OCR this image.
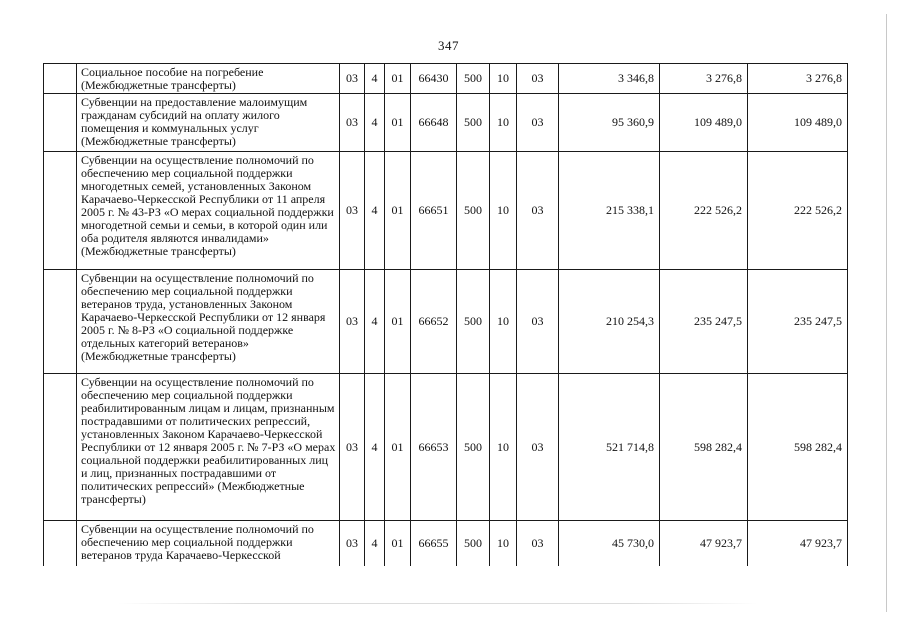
347
	Социальное пособие на погребение (Межбюджетные трансферты)	03	4	01	66430	500	10	03	3 346,8	3 276,8	3 276,8
	Субвенции на предоставление малоимущим гражданам субсидий на оплату жилого помещения и коммунальных услуг (Межбюджетные трансферты)	03	4	01	66648	500	10	03	95 360,9	109 489,0	109 489,0
	Субвенции на осуществление полномочий по обеспечению мер социальной поддержки многодетных семей, установленных Законом Карачаево-Черкесской Республики от 11 апреля 2005 г. № 43-РЗ «О мерах социальной поддержки многодетной семьи и семьи, в которой один или оба родителя являются инвалидами» (Межбюджетные трансферты)	03	4	01	66651	500	10	03	215 338,1	222 526,2	222 526,2
	Субвенции на осуществление полномочий по обеспечению мер социальной поддержки ветеранов труда, установленных Законом Карачаево-Черкесской Республики от 12 января 2005 г. № 8-РЗ «О социальной поддержке отдельных категорий ветеранов» (Межбюджетные трансферты)	03	4	01	66652	500	10	03	210 254,3	235 247,5	235 247,5
	Субвенции на осуществление полномочий по обеспечению мер социальной поддержки реабилитированным лицам и лицам, признанным пострадавшими от политических репрессий, установленных Законом Карачаево-Черкесской Республики от 12 января 2005 г. № 7-РЗ «О мерах социальной поддержки реабилитированных лиц и лиц, признанных пострадавшими от политических репрессий» (Межбюджетные трансферты)	03	4	01	66653	500	10	03	521 714,8	598 282,4	598 282,4
	Субвенции на осуществление полномочий по обеспечению мер социальной поддержки ветеранов труда Карачаево-Черкесской	03	4	01	66655	500	10	03	45 730,0	47 923,7	47 923,7
